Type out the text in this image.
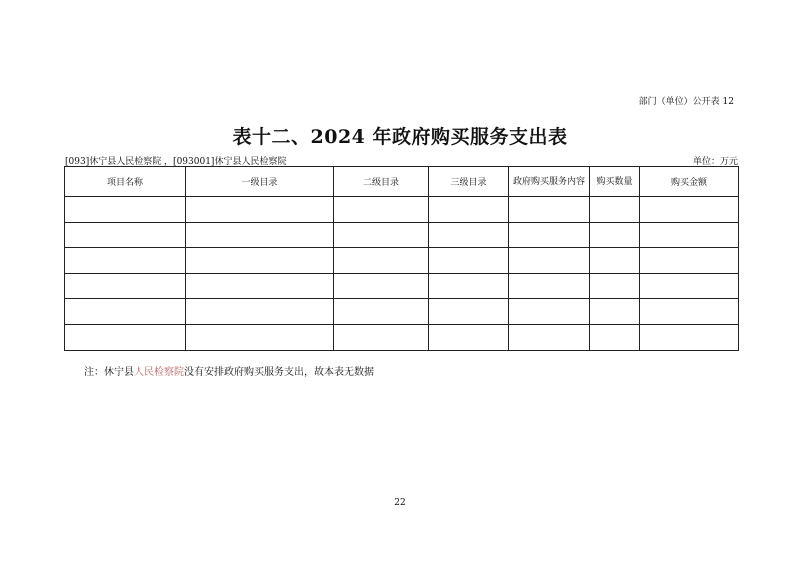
部门（单位）公开表 12
表十二、2024 年政府购买服务支出表
[093]休宁县人民检察院 ，[093001]休宁县人民检察院	单位：万元
项目名称	一级目录	二级目录	三级目录	政府购买服务内容	购买数量	购买金额

注：休宁县人民检察院没有安排政府购买服务支出，故本表无数据
22
